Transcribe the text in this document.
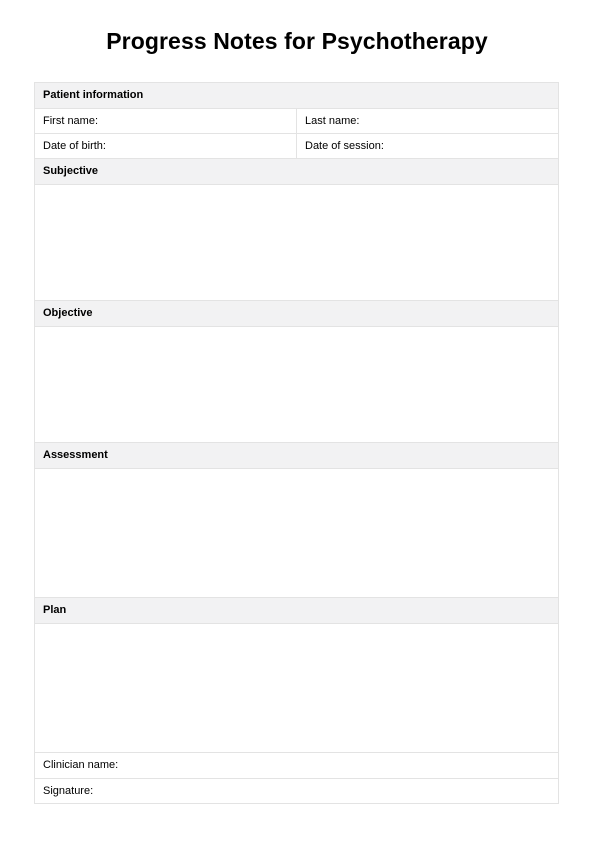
Progress Notes for Psychotherapy
Patient information	
First name:	Last name:
Date of birth:	Date of session:
Subjective	

Objective	

Assessment	

Plan	

Clinician name:	
Signature:	
